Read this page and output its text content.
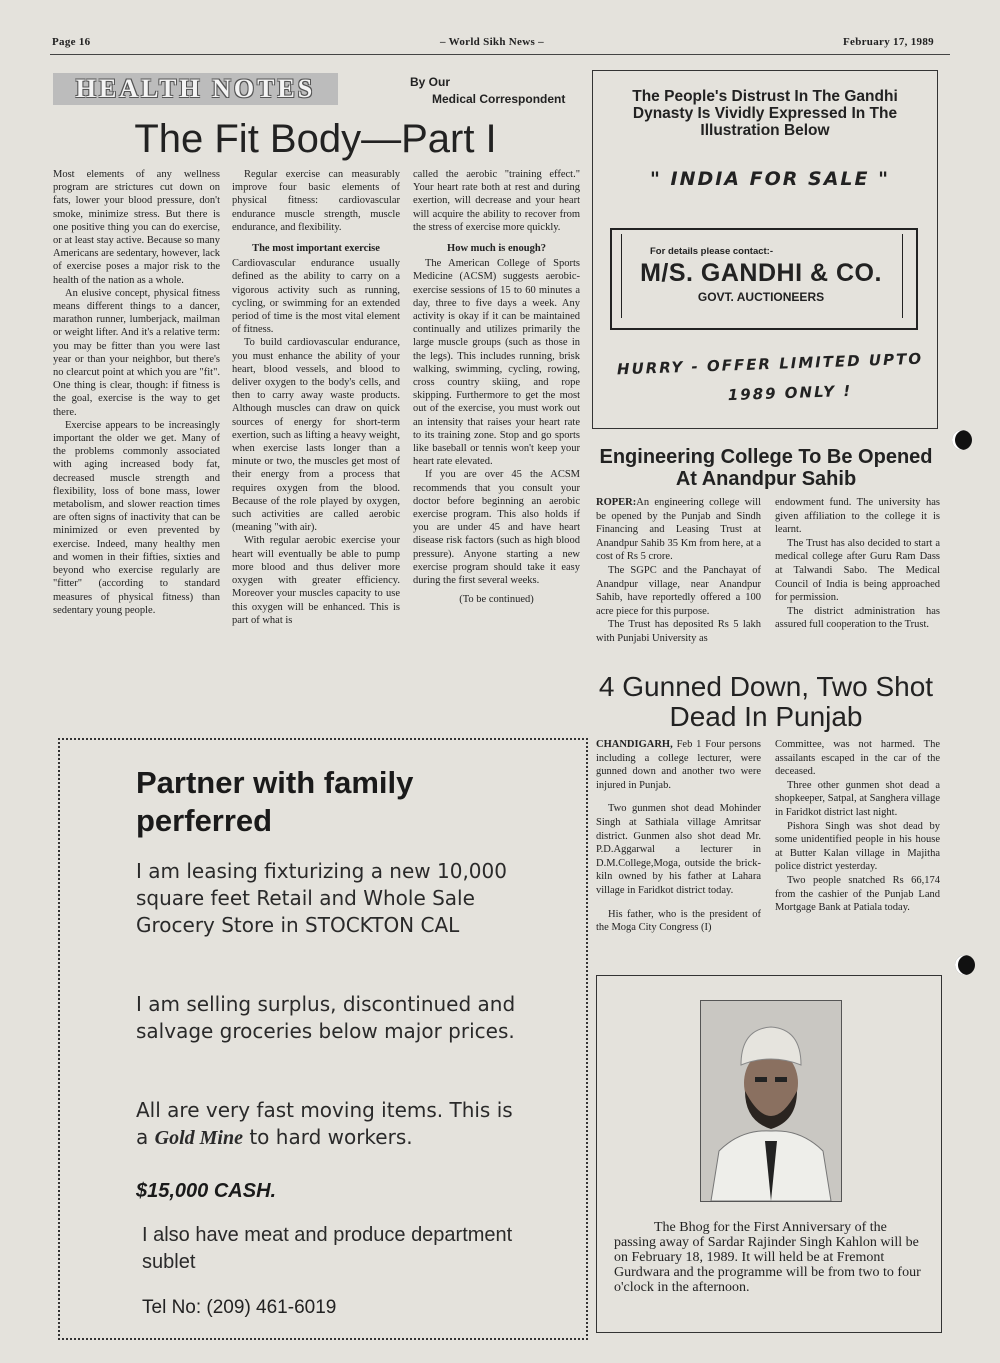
Page 16	– World Sikh News –	February 17, 1989
HEALTH NOTES	By Our
Medical Correspondent
The Fit Body—Part I

Most elements of any wellness program are strictures cut down on fats, lower your blood pressure, don't smoke, minimize stress. But there is one positive thing you can do exercise, or at least stay active. Because so many Americans are sedentary, however, lack of exercise poses a major risk to the health of the nation as a whole.

An elusive concept, physical fitness means different things to a dancer, marathon runner, lumberjack, mailman or weight lifter. And it's a relative term: you may be fitter than you were last year or than your neighbor, but there's no clearcut point at which you are "fit". One thing is clear, though: if fitness is the goal, exercise is the way to get there.

Exercise appears to be increasingly important the older we get. Many of the problems commonly associated with aging increased body fat, decreased muscle strength and flexibility, loss of bone mass, lower metabolism, and slower reaction times are often signs of inactivity that can be minimized or even prevented by exercise. Indeed, many healthy men and women in their fifties, sixties and beyond who exercise regularly are "fitter" (according to standard measures of physical fitness) than sedentary young people.

Regular exercise can measurably improve four basic elements of physical fitness: cardiovascular endurance muscle strength, muscle endurance, and flexibility.

The most important exercise

Cardiovascular endurance usually defined as the ability to carry on a vigorous activity such as running, cycling, or swimming for an extended period of time is the most vital element of fitness.

To build cardiovascular endurance, you must enhance the ability of your heart, blood vessels, and blood to deliver oxygen to the body's cells, and then to carry away waste products. Although muscles can draw on quick sources of energy for short-term exertion, such as lifting a heavy weight, when exercise lasts longer than a minute or two, the muscles get most of their energy from a process that requires oxygen from the blood. Because of the role played by oxygen, such activities are called aerobic (meaning "with air).

With regular aerobic exercise your heart will eventually be able to pump more blood and thus deliver more oxygen with greater efficiency. Moreover your muscles capacity to use this oxygen will be enhanced. This is part of what is

called the aerobic "training effect." Your heart rate both at rest and during exertion, will decrease and your heart will acquire the ability to recover from the stress of exercise more quickly.

How much is enough?

The American College of Sports Medicine (ACSM) suggests aerobic-exercise sessions of 15 to 60 minutes a day, three to five days a week. Any activity is okay if it can be maintained continually and utilizes primarily the large muscle groups (such as those in the legs). This includes running, brisk walking, swimming, cycling, rowing, cross country skiing, and rope skipping. Furthermore to get the most out of the exercise, you must work out an intensity that raises your heart rate to its training zone. Stop and go sports like baseball or tennis won't keep your heart rate elevated.

If you are over 45 the ACSM recommends that you consult your doctor before beginning an aerobic exercise program. This also holds if you are under 45 and have heart disease risk factors (such as high blood pressure). Anyone starting a new exercise program should take it easy during the first several weeks.

(To be continued)

The People's Distrust In The Gandhi Dynasty Is Vividly Expressed In The Illustration Below
" INDIA FOR SALE "
For details please contact:-
M/S. GANDHI & CO.
GOVT. AUCTIONEERS
HURRY - OFFER LIMITED UPTO
1989 ONLY !
Engineering College To Be Opened At Anandpur Sahib

ROPER:An engineering college will be opened by the Punjab and Sindh Financing and Leasing Trust at Anandpur Sahib 35 Km from here, at a cost of Rs 5 crore.

The SGPC and the Panchayat of Anandpur village, near Anandpur Sahib, have reportedly offered a 100 acre piece for this purpose.

The Trust has deposited Rs 5 lakh with Punjabi University as

endowment fund. The university has given affiliation to the college it is learnt.

The Trust has also decided to start a medical college after Guru Ram Dass at Talwandi Sabo. The Medical Council of India is being approached for permission.

The district administration has assured full cooperation to the Trust.

4 Gunned Down, Two Shot Dead In Punjab

CHANDIGARH, Feb 1 Four persons including a college lecturer, were gunned down and another two were injured in Punjab.

Two gunmen shot dead Mohinder Singh at Sathiala village Amritsar district. Gunmen also shot dead Mr. P.D.Aggarwal a lecturer in D.M.College,Moga, outside the brick-kiln owned by his father at Lahara village in Faridkot district today.

His father, who is the president of the Moga City Congress (I)

Committee, was not harmed. The assailants escaped in the car of the deceased.

Three other gunmen shot dead a shopkeeper, Satpal, at Sanghera village in Faridkot district last night.

Pishora Singh was shot dead by some unidentified people in his house at Butter Kalan village in Majitha police district yesterday.

Two people snatched Rs 66,174 from the cashier of the Punjab Land Mortgage Bank at Patiala today.

Partner with family
perferred
I am leasing fixturizing a new 10,000 square feet Retail and Whole Sale Grocery Store in STOCKTON CAL
I am selling surplus, discontinued and salvage groceries below major prices.
All are very fast moving items. This is a Gold Mine to hard workers.
$15,000 CASH.
I also have meat and produce department sublet
Tel No: (209) 461-6019
The Bhog for the First Anniversary of the passing away of Sardar Rajinder Singh Kahlon will be on February 18, 1989. It will held be at Fremont Gurdwara and the programme will be from two to four o'clock in the afternoon.
